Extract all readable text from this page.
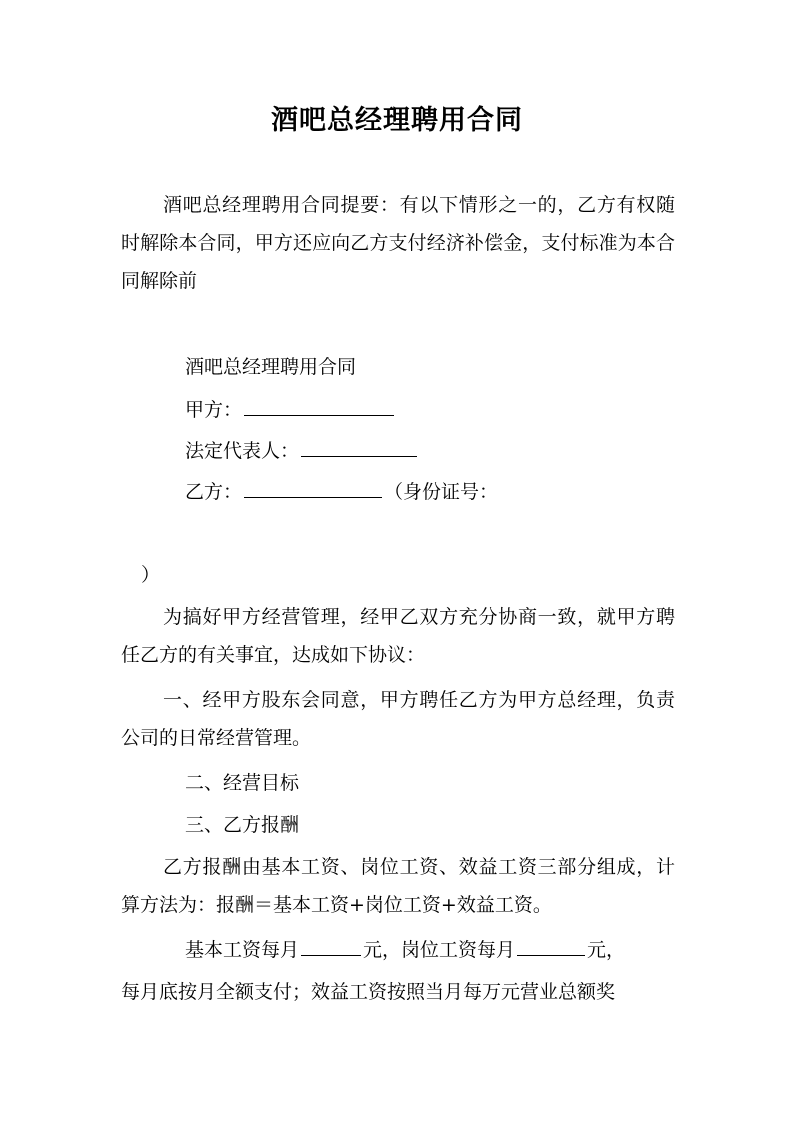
酒吧总经理聘用合同

酒吧总经理聘用合同提要：有以下情形之一的，乙方有权随时解除本合同，甲方还应向乙方支付经济补偿金，支付标准为本合同解除前

酒吧总经理聘用合同

甲方：

法定代表人：

乙方：	（身份证号：

）

为搞好甲方经营管理，经甲乙双方充分协商一致，就甲方聘任乙方的有关事宜，达成如下协议：

一、经甲方股东会同意，甲方聘任乙方为甲方总经理，负责公司的日常经营管理。

二、经营目标

三、乙方报酬

乙方报酬由基本工资、岗位工资、效益工资三部分组成，计算方法为：报酬＝基本工资+岗位工资+效益工资。

基本工资每月	元，岗位工资每月	元，

每月底按月全额支付；效益工资按照当月每万元营业总额奖
